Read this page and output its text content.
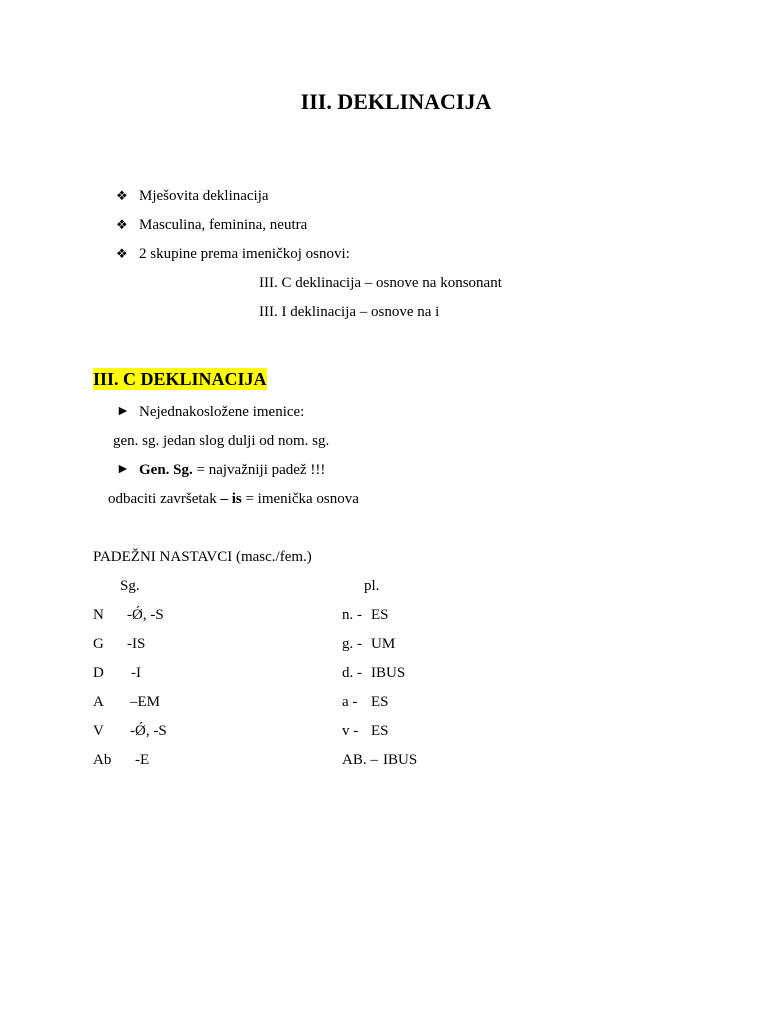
III. DEKLINACIJA
❖ Mješovita deklinacija
❖ Masculina, feminina, neutra
❖ 2 skupine prema imeničkoj osnovi:
III. C deklinacija – osnove na konsonant
III. I deklinacija – osnove na i
III. C DEKLINACIJA
► Nejednakosložene imenice:
gen. sg. jedan slog dulji od nom. sg.
► Gen. Sg. = najvažniji padež !!!
odbaciti završetak – is = imenička osnova
PADEŽNI NASTAVCI (masc./fem.)
Sg.	pl.
N -Ǿ, -S	n. - ES
G -IS	g. - UM
D -I	d. - IBUS
A –EM	a - ES
V -Ǿ, -S	v - ES
Ab -E	AB. – IBUS
